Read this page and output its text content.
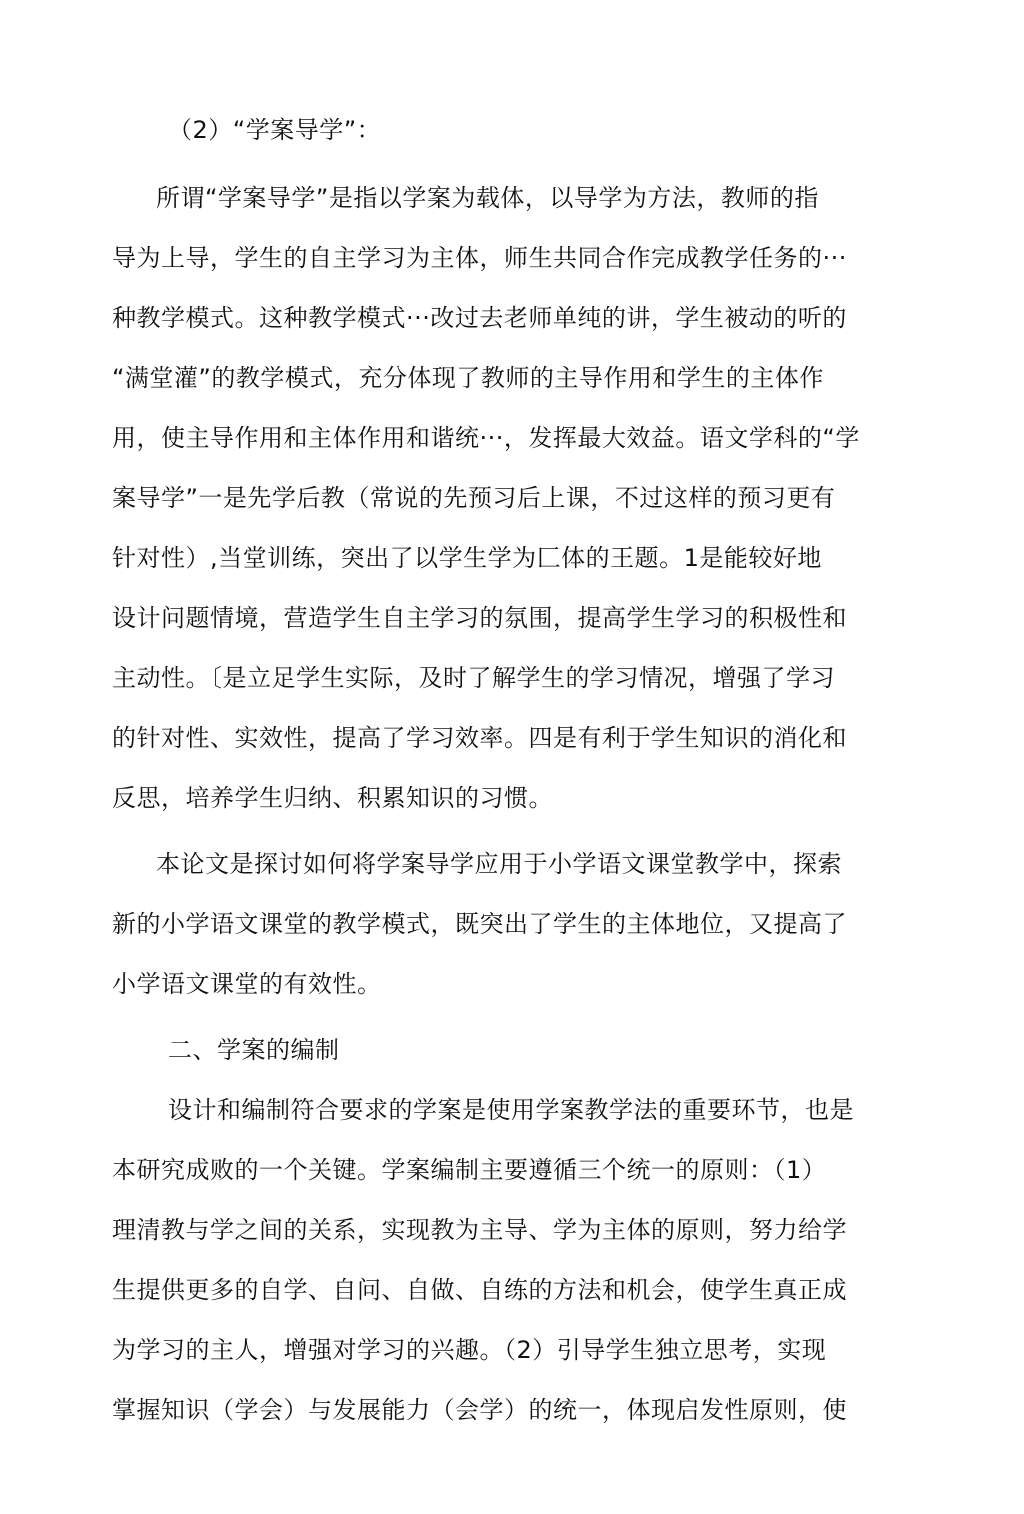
（2）“学案导学”：
所谓“学案导学”是指以学案为载体，以导学为方法，教师的指
导为上导，学生的自主学习为主体，师生共同合作完成教学任务的···
种教学模式。这种教学模式···改过去老师单纯的讲，学生被动的听的
“满堂灌”的教学模式，充分体现了教师的主导作用和学生的主体作
用，使主导作用和主体作用和谐统···，发挥最大效益。语文学科的“学
案导学”一是先学后教（常说的先预习后上课，不过这样的预习更有
针对性）,当堂训练，突出了以学生学为匚体的王题。1是能较好地
设计问题情境，营造学生自主学习的氛围，提高学生学习的积极性和
主动性。〔是立足学生实际，及时了解学生的学习情况，增强了学习
的针对性、实效性，提高了学习效率。四是有利于学生知识的消化和
反思，培养学生归纳、积累知识的习惯。
本论文是探讨如何将学案导学应用于小学语文课堂教学中，探索
新的小学语文课堂的教学模式，既突出了学生的主体地位，又提高了
小学语文课堂的有效性。
二、学案的编制
设计和编制符合要求的学案是使用学案教学法的重要环节，也是
本研究成败的一个关键。学案编制主要遵循三个统一的原则：（1）
理清教与学之间的关系，实现教为主导、学为主体的原则，努力给学
生提供更多的自学、自问、自做、自练的方法和机会，使学生真正成
为学习的主人，增强对学习的兴趣。（2）引导学生独立思考，实现
掌握知识（学会）与发展能力（会学）的统一，体现启发性原则，使
